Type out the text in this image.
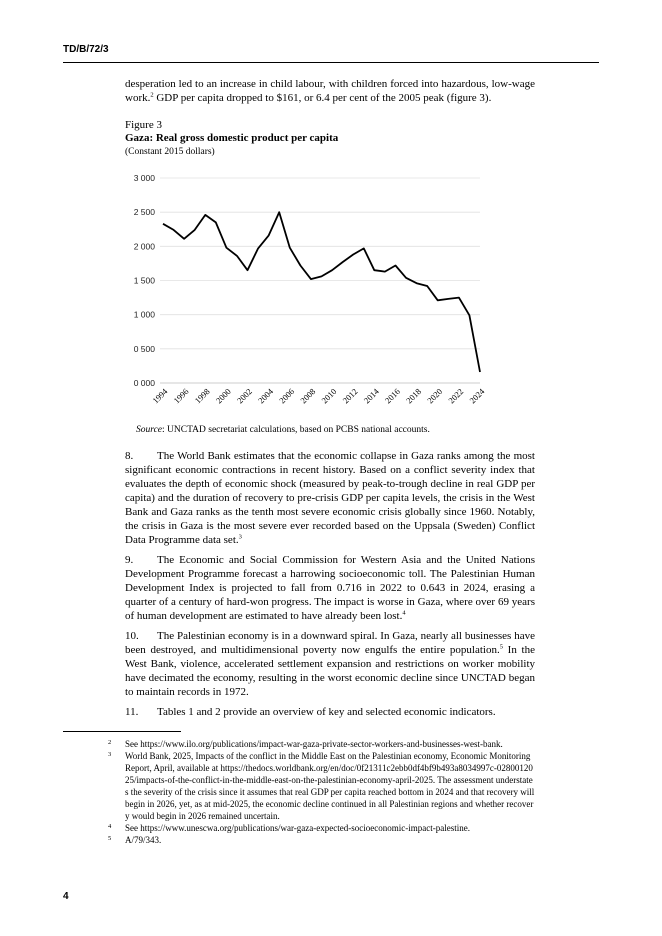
TD/B/72/3
desperation led to an increase in child labour, with children forced into hazardous, low-wage work.$^2$ GDP per capita dropped to $161, or 6.4 per cent of the 2005 peak (figure 3).
Figure 3
Gaza: Real gross domestic product per capita
(Constant 2015 dollars)
0 000
0 500
1 000
1 500
2 000
2 500
3 000
1994 1996 1998 2000 2002 2004 2006 2008 2010 2012 2014 2016 2018 2020 2022 2024
Source: UNCTAD secretariat calculations, based on PCBS national accounts.

8. The World Bank estimates that the economic collapse in Gaza ranks among the most significant economic contractions in recent history. Based on a conflict severity index that evaluates the depth of economic shock (measured by peak-to-trough decline in real GDP per capita) and the duration of recovery to pre-crisis GDP per capita levels, the crisis in the West Bank and Gaza ranks as the tenth most severe economic crisis globally since 1960. Notably, the crisis in Gaza is the most severe ever recorded based on the Uppsala (Sweden) Conflict Data Programme data set.$^3$

9. The Economic and Social Commission for Western Asia and the United Nations Development Programme forecast a harrowing socioeconomic toll. The Palestinian Human Development Index is projected to fall from 0.716 in 2022 to 0.643 in 2024, erasing a quarter of a century of hard-won progress. The impact is worse in Gaza, where over 69 years of human development are estimated to have already been lost.$^4$

10. The Palestinian economy is in a downward spiral. In Gaza, nearly all businesses have been destroyed, and multidimensional poverty now engulfs the entire population.$^5$ In the West Bank, violence, accelerated settlement expansion and restrictions on worker mobility have decimated the economy, resulting in the worst economic decline since UNCTAD began to maintain records in 1972.

11. Tables 1 and 2 provide an overview of key and selected economic indicators.

2	See https://www.ilo.org/publications/impact-war-gaza-private-sector-workers-and-businesses-west-bank.
3	World Bank, 2025, Impacts of the conflict in the Middle East on the Palestinian economy, Economic Monitoring Report, April, available at https://thedocs.worldbank.org/en/doc/0f21311c2ebb0df4bf9b493a8034997c-0280012025/impacts-of-the-conflict-in-the-middle-east-on-the-palestinian-economy-april-2025. The assessment understates the severity of the crisis since it assumes that real GDP per capita reached bottom in 2024 and that recovery will begin in 2026, yet, as at mid-2025, the economic decline continued in all Palestinian regions and whether recovery would begin in 2026 remained uncertain.
4	See https://www.unescwa.org/publications/war-gaza-expected-socioeconomic-impact-palestine.
5	A/79/343.
4
